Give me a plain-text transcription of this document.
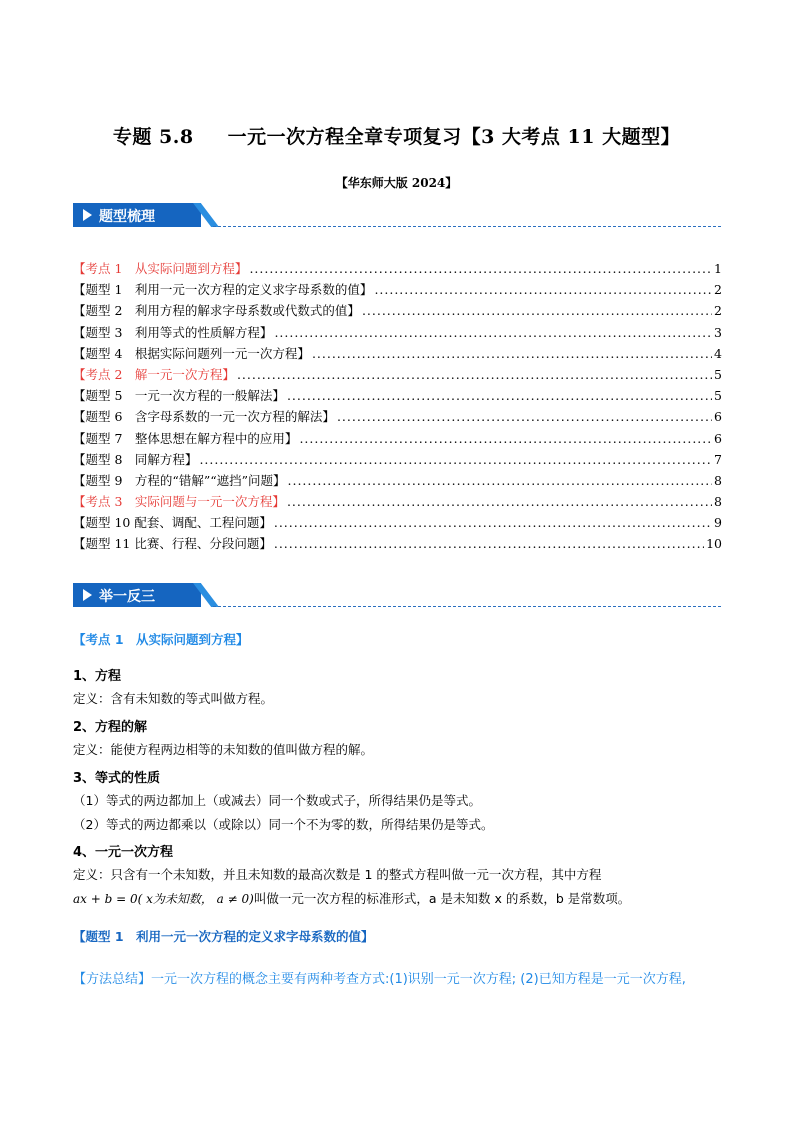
专题 5.8 一元一次方程全章专项复习【3 大考点 11 大题型】
【华东师大版 2024】
题型梳理
【考点 1　从实际问题到方程】 .....	1
【题型 1　利用一元一次方程的定义求字母系数的值】 .....	2
【题型 2　利用方程的解求字母系数或代数式的值】 .....	2
【题型 3　利用等式的性质解方程】 .....	3
【题型 4　根据实际问题列一元一次方程】 .....	4
【考点 2　解一元一次方程】 .....	5
【题型 5　一元一次方程的一般解法】 .....	5
【题型 6　含字母系数的一元一次方程的解法】 .....	6
【题型 7　整体思想在解方程中的应用】 .....	6
【题型 8　同解方程】 .....	7
【题型 9　方程的“错解”“遮挡”问题】 .....	8
【考点 3　实际问题与一元一次方程】 .....	8
【题型 10 配套、调配、工程问题】 .....	9
【题型 11 比赛、行程、分段问题】 .....	10
举一反三
【考点 1　从实际问题到方程】
1、方程
定义：含有未知数的等式叫做方程。
2、方程的解
定义：能使方程两边相等的未知数的值叫做方程的解。
3、等式的性质
（1）等式的两边都加上（或减去）同一个数或式子，所得结果仍是等式。
（2）等式的两边都乘以（或除以）同一个不为零的数，所得结果仍是等式。
4、一元一次方程
定义：只含有一个未知数，并且未知数的最高次数是 1 的整式方程叫做一元一次方程，其中方程
ax + b = 0( x为未知数， a ≠ 0)叫做一元一次方程的标准形式，a 是未知数 x 的系数，b 是常数项。
【题型 1　利用一元一次方程的定义求字母系数的值】
【方法总结】一元一次方程的概念主要有两种考查方式:(1)识别一元一次方程; (2)已知方程是一元一次方程,
